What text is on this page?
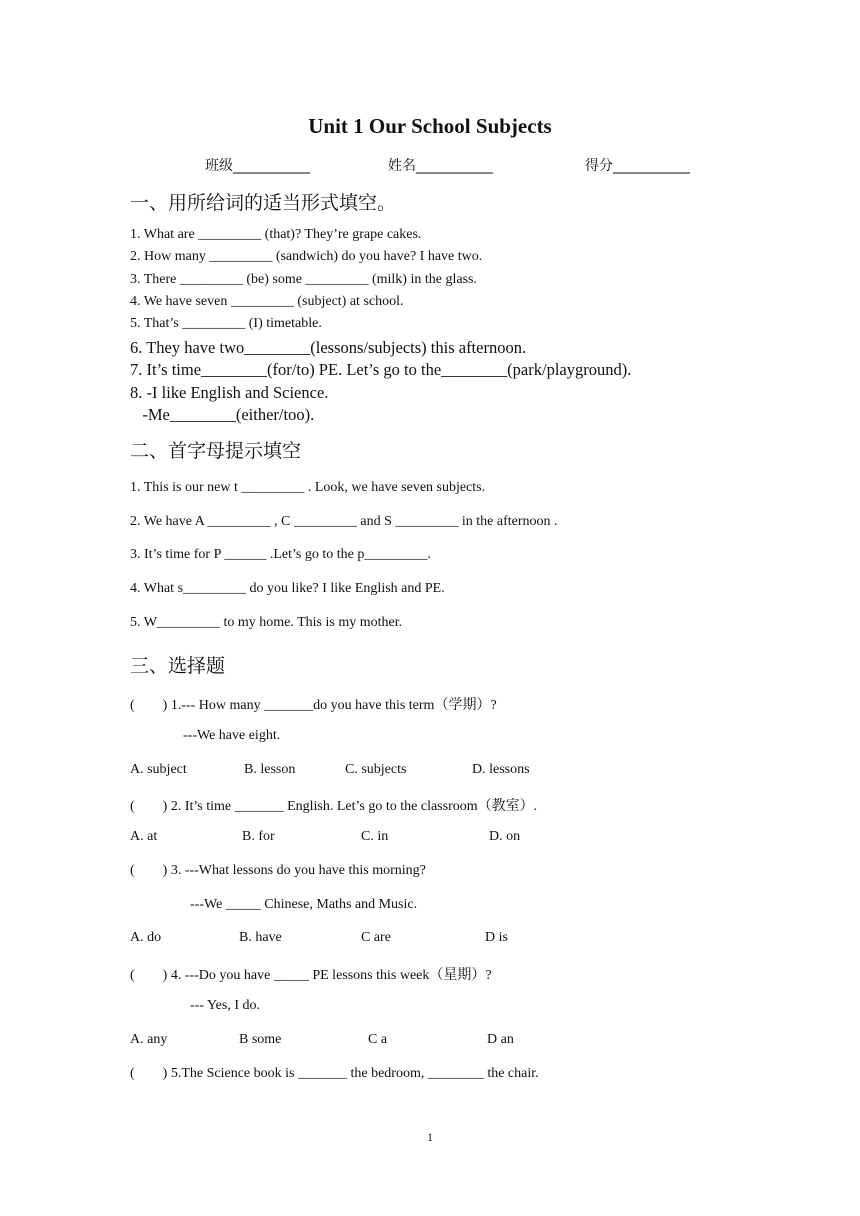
Unit 1 Our School Subjects
班级___________	姓名___________	得分___________
一、用所给词的适当形式填空。
1. What are _________ (that)? They’re grape cakes.
2. How many _________ (sandwich) do you have? I have two.
3. There _________ (be) some _________ (milk) in the glass.
4. We have seven _________ (subject) at school.
5. That’s _________ (I) timetable.
6. They have two________(lessons/subjects) this afternoon.
7. It’s time________(for/to) PE. Let’s go to the________(park/playground).
8. -I like English and Science.
-Me________(either/too).
二、首字母提示填空
1. This is our new t _________ . Look, we have seven subjects.
2. We have A _________ , C _________ and S _________ in the afternoon .
3. It’s time for P ______ .Let’s go to the p_________.
4. What s_________ do you like? I like English and PE.
5. W_________ to my home. This is my mother.
三、选择题
(        ) 1.--- How many _______do you have this term（学期）?
---We have eight.
A. subject	B. lesson	C. subjects	D. lessons
(        ) 2. It’s time _______ English. Let’s go to the classroom（教室）.
A. at	B. for	C. in	D. on
(        ) 3. ---What lessons do you have this morning?
---We _____ Chinese, Maths and Music.
A. do	B. have	C are	D is
(        ) 4. ---Do you have _____ PE lessons this week（星期）?
--- Yes, I do.
A. any	B some	C a	D an
(        ) 5.The Science book is _______ the bedroom, ________ the chair.
1
